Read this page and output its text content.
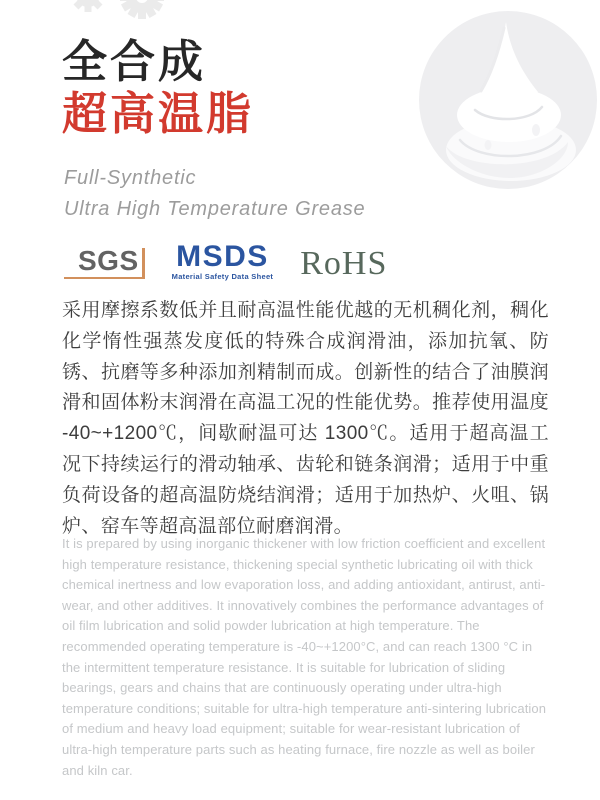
全合成
超高温脂
Full-Synthetic
Ultra High Temperature Grease
SGS MSDS
Material Safety Data Sheet RoHS

采用摩擦系数低并且耐高温性能优越的无机稠化剂，稠化化学惰性强蒸发度低的特殊合成润滑油，添加抗氧、防锈、抗磨等多种添加剂精制而成。创新性的结合了油膜润滑和固体粉末润滑在高温工况的性能优势。推荐使用温度 -40~+1200℃，间歇耐温可达 1300℃。适用于超高温工况下持续运行的滑动轴承、齿轮和链条润滑；适用于中重负荷设备的超高温防烧结润滑；适用于加热炉、火咀、锅炉、窑车等超高温部位耐磨润滑。

It is prepared by using inorganic thickener with low friction coefficient and excellent high temperature resistance, thickening special synthetic lubricating oil with thick chemical inertness and low evaporation loss, and adding antioxidant, antirust, anti-wear, and other additives. It innovatively combines the performance advantages of oil film lubrication and solid powder lubrication at high temperature. The recommended operating temperature is -40~+1200°C, and can reach 1300 °C in the intermittent temperature resistance. It is suitable for lubrication of sliding bearings, gears and chains that are continuously operating under ultra-high temperature conditions; suitable for ultra-high temperature anti-sintering lubrication of medium and heavy load equipment; suitable for wear-resistant lubrication of ultra-high temperature parts such as heating furnace, fire nozzle as well as boiler and kiln car.
